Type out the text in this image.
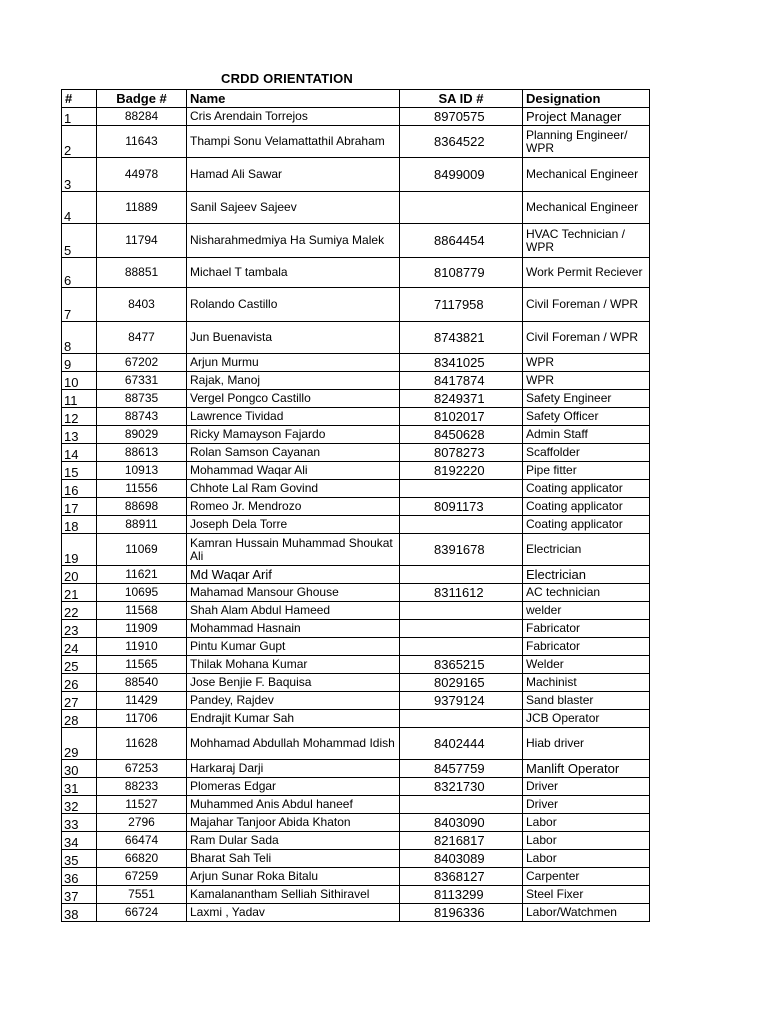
CRDD ORIENTATION
#	Badge #	Name	SA ID #	Designation
1	88284	Cris Arendain Torrejos	8970575	Project Manager
2	11643	Thampi Sonu Velamattathil Abraham	8364522	Planning Engineer/ WPR
3	44978	Hamad Ali Sawar	8499009	Mechanical Engineer
4	11889	Sanil Sajeev Sajeev		Mechanical Engineer
5	11794	Nisharahmedmiya Ha Sumiya Malek	8864454	HVAC Technician / WPR
6	88851	Michael T tambala	8108779	Work Permit Reciever
7	8403	Rolando Castillo	7117958	Civil Foreman / WPR
8	8477	Jun Buenavista	8743821	Civil Foreman / WPR
9	67202	Arjun Murmu	8341025	WPR
10	67331	Rajak, Manoj	8417874	WPR
11	88735	Vergel Pongco Castillo	8249371	Safety Engineer
12	88743	Lawrence Tividad	8102017	Safety Officer
13	89029	Ricky Mamayson Fajardo	8450628	Admin Staff
14	88613	Rolan Samson Cayanan	8078273	Scaffolder
15	10913	Mohammad Waqar Ali	8192220	Pipe fitter
16	11556	Chhote Lal Ram Govind		Coating applicator
17	88698	Romeo Jr. Mendrozo	8091173	Coating applicator
18	88911	Joseph Dela Torre		Coating applicator
19	11069	Kamran Hussain Muhammad Shoukat Ali	8391678	Electrician
20	11621	Md Waqar Arif		Electrician
21	10695	Mahamad Mansour Ghouse	8311612	AC technician
22	11568	Shah Alam Abdul Hameed		welder
23	11909	Mohammad Hasnain		Fabricator
24	11910	Pintu Kumar Gupt		Fabricator
25	11565	Thilak Mohana Kumar	8365215	Welder
26	88540	Jose Benjie F. Baquisa	8029165	Machinist
27	11429	Pandey, Rajdev	9379124	Sand blaster
28	11706	Endrajit Kumar Sah		JCB Operator
29	11628	Mohhamad Abdullah Mohammad Idish	8402444	Hiab driver
30	67253	Harkaraj Darji	8457759	Manlift Operator
31	88233	Plomeras Edgar	8321730	Driver
32	11527	Muhammed Anis Abdul haneef		Driver
33	2796	Majahar Tanjoor Abida Khaton	8403090	Labor
34	66474	Ram Dular Sada	8216817	Labor
35	66820	Bharat Sah Teli	8403089	Labor
36	67259	Arjun Sunar Roka Bitalu	8368127	Carpenter
37	7551	Kamalanantham Selliah Sithiravel	8113299	Steel Fixer
38	66724	Laxmi , Yadav	8196336	Labor/Watchmen
